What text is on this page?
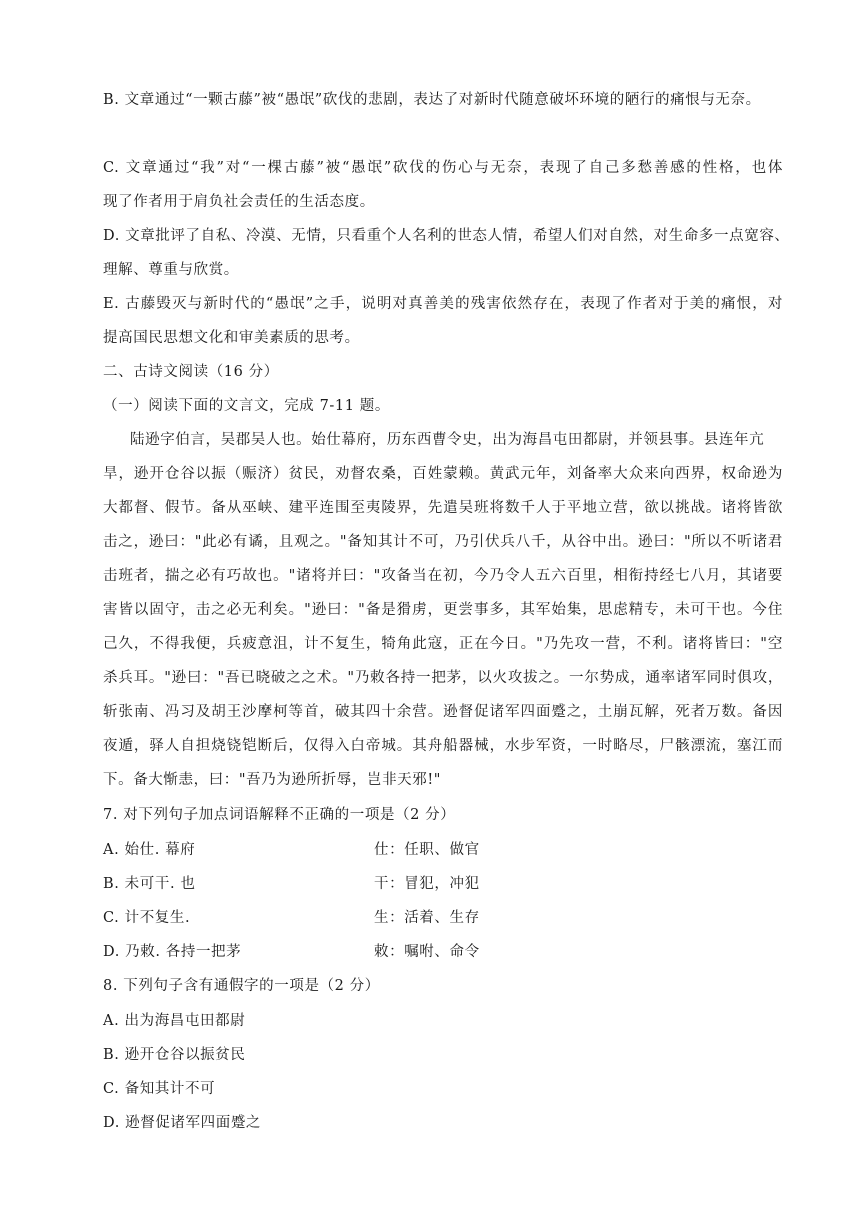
B. 文章通过“一颗古藤”被“愚氓”砍伐的悲剧，表达了对新时代随意破坏环境的陋行的痛恨与无奈。
C. 文章通过“我”对“一棵古藤”被“愚氓”砍伐的伤心与无奈，表现了自己多愁善感的性格，也体
现了作者用于肩负社会责任的生活态度。
D. 文章批评了自私、冷漠、无情，只看重个人名利的世态人情，希望人们对自然，对生命多一点宽容、
理解、尊重与欣赏。
E. 古藤毁灭与新时代的“愚氓”之手，说明对真善美的残害依然存在，表现了作者对于美的痛恨，对
提高国民思想文化和审美素质的思考。
二、古诗文阅读（16 分）
（一）阅读下面的文言文，完成 7-11 题。
陆逊字伯言，吴郡吴人也。始仕幕府，历东西曹令史，出为海昌屯田都尉，并领县事。县连年亢
旱，逊开仓谷以振（赈济）贫民，劝督农桑，百姓蒙赖。黄武元年，刘备率大众来向西界，权命逊为
大都督、假节。备从巫峡、建平连围至夷陵界，先遣吴班将数千人于平地立营，欲以挑战。诸将皆欲
击之，逊曰："此必有谲，且观之。"备知其计不可，乃引伏兵八千，从谷中出。逊曰："所以不听诸君
击班者，揣之必有巧故也。"诸将并曰："攻备当在初，今乃令人五六百里，相衔持经七八月，其诸要
害皆以固守，击之必无利矣。"逊曰："备是猾虏，更尝事多，其军始集，思虑精专，未可干也。今住
己久，不得我便，兵疲意沮，计不复生，犄角此寇，正在今日。"乃先攻一营，不利。诸将皆曰："空
杀兵耳。"逊曰："吾已晓破之之术。"乃敕各持一把茅，以火攻拔之。一尔势成，通率诸军同时俱攻，
斩张南、冯习及胡王沙摩柯等首，破其四十余营。逊督促诸军四面蹙之，土崩瓦解，死者万数。备因
夜遁，驿人自担烧铙铠断后，仅得入白帝城。其舟船器械，水步军资，一时略尽，尸骸漂流，塞江而
下。备大惭恚，曰："吾乃为逊所折辱，岂非天邪!"
7. 对下列句子加点词语解释不正确的一项是（2 分）
A. 始仕. 幕府	仕：任职、做官
B. 未可干. 也	干：冒犯，冲犯
C. 计不复生.	生：活着、生存
D. 乃敕. 各持一把茅	敕：嘱咐、命令
8. 下列句子含有通假字的一项是（2 分）
A. 出为海昌屯田都尉
B. 逊开仓谷以振贫民
C. 备知其计不可
D. 逊督促诸军四面蹙之
